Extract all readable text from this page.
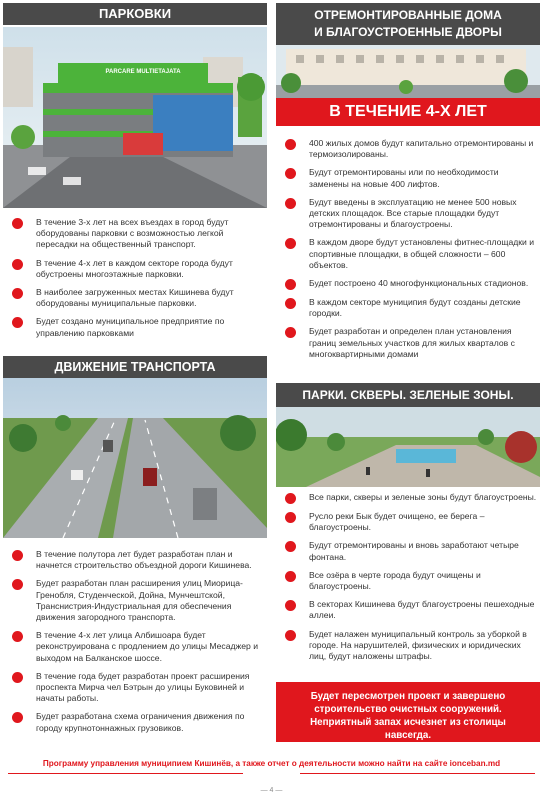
ПАРКОВКИ
PARCARE MULTIETAJATA
В течение 3-х лет на всех въездах в город будут оборудованы парковки с возможностью легкой пересадки на общественный транспорт.
В течение 4-х лет в каждом секторе города будут обустроены многоэтажные парковки.
В наиболее загруженных местах Кишинева будут оборудованы муниципальные парковки.
Будет создано муниципальное предприятие по управлению парковками
ОТРЕМОНТИРОВАННЫЕ ДОМА
И БЛАГОУСТРОЕННЫЕ ДВОРЫ
В ТЕЧЕНИЕ 4-Х ЛЕТ
400 жилых домов будут капитально отремонтированы и термоизолированы.
Будут отремонтированы или по необходимости заменены на новые 400 лифтов.
Будут введены в эксплуатацию не менее 500 новых детских площадок. Все старые площадки будут отремонтированы и благоустроены.
В каждом дворе будут установлены фитнес-площадки и спортивные площадки, в общей сложности – 600 объектов.
Будет построено 40 многофункциональных стадионов.
В каждом секторе муниципия будут созданы детские городки.
Будет разработан и определен план установления границ земельных участков для жилых кварталов с многоквартирными домами
ДВИЖЕНИЕ ТРАНСПОРТА
В течение полутора лет будет разработан план и начнется строительство объездной дороги Кишинева.
Будет разработан план расширения улиц Миорица-Гренобля, Студенческой, Дойна, Мунчештской, Транснистрия-Индустриальная для обеспечения движения загородного транспорта.
В течение 4-х лет улица Албишоара будет реконструирована с продлением до улицы Месаджер и выходом на Балканское шоссе.
В течение года будет разработан проект расширения проспекта Мирча чел Бэтрын до улицы Буковиней и начаты работы.
Будет разработана схема ограничения движения по городу крупнотоннажных грузовиков.
ПАРКИ. СКВЕРЫ. ЗЕЛЕНЫЕ ЗОНЫ.
Все парки, скверы и зеленые зоны будут благоустроены.
Русло реки Бык будет очищено, ее берега – благоустроены.
Будут отремонтированы и вновь заработают четыре фонтана.
Все озёра в черте города будут очищены и благоустроены.
В секторах Кишинева будут благоустроены пешеходные аллеи.
Будет налажен муниципальный контроль за уборкой в городе. На нарушителей, физических и юридических лиц, будут наложены штрафы.
Будет пересмотрен проект и завершено строительство очистных сооружений. Неприятный запах исчезнет из столицы навсегда.
Программу управления муниципием Кишинёв, а также отчет о деятельности можно найти на сайте ionceban.md
— 4 —
